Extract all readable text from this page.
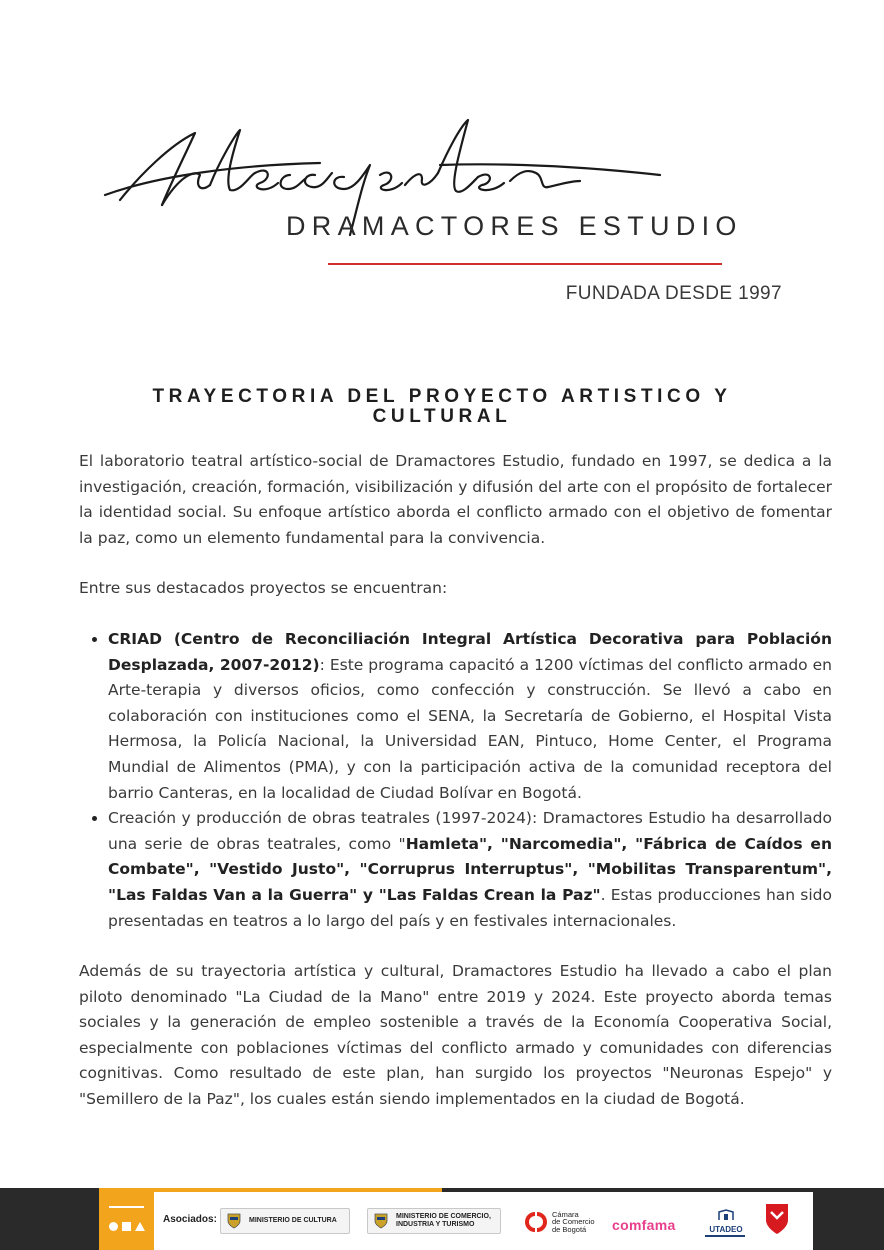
DRAMACTORES ESTUDIO
FUNDADA DESDE 1997
TRAYECTORIA DEL PROYECTO ARTISTICO Y
CULTURAL

El laboratorio teatral artístico-social de Dramactores Estudio, fundado en 1997, se dedica a la investigación, creación, formación, visibilización y difusión del arte con el propósito de fortalecer la identidad social. Su enfoque artístico aborda el conflicto armado con el objetivo de fomentar la paz, como un elemento fundamental para la convivencia.

Entre sus destacados proyectos se encuentran:

• CRIAD (Centro de Reconciliación Integral Artística Decorativa para Población Desplazada, 2007-2012): Este programa capacitó a 1200 víctimas del conflicto armado en Arte-terapia y diversos oficios, como confección y construcción. Se llevó a cabo en colaboración con instituciones como el SENA, la Secretaría de Gobierno, el Hospital Vista Hermosa, la Policía Nacional, la Universidad EAN, Pintuco, Home Center, el Programa Mundial de Alimentos (PMA), y con la participación activa de la comunidad receptora del barrio Canteras, en la localidad de Ciudad Bolívar en Bogotá.
• Creación y producción de obras teatrales (1997-2024): Dramactores Estudio ha desarrollado una serie de obras teatrales, como "Hamleta", "Narcomedia", "Fábrica de Caídos en Combate", "Vestido Justo", "Corruprus Interruptus", "Mobilitas Transparentum", "Las Faldas Van a la Guerra" y "Las Faldas Crean la Paz". Estas producciones han sido presentadas en teatros a lo largo del país y en festivales internacionales.

Además de su trayectoria artística y cultural, Dramactores Estudio ha llevado a cabo el plan piloto denominado "La Ciudad de la Mano" entre 2019 y 2024. Este proyecto aborda temas sociales y la generación de empleo sostenible a través de la Economía Cooperativa Social, especialmente con poblaciones víctimas del conflicto armado y comunidades con diferencias cognitivas. Como resultado de este plan, han surgido los proyectos "Neuronas Espejo" y "Semillero de la Paz", los cuales están siendo implementados en la ciudad de Bogotá.

Asociados:	MINISTERIO DE CULTURA
MINISTERIO DE COMERCIO,
INDUSTRIA Y TURISMO
Cámara
de Comercio
de Bogotá	comfama	UTADEO
